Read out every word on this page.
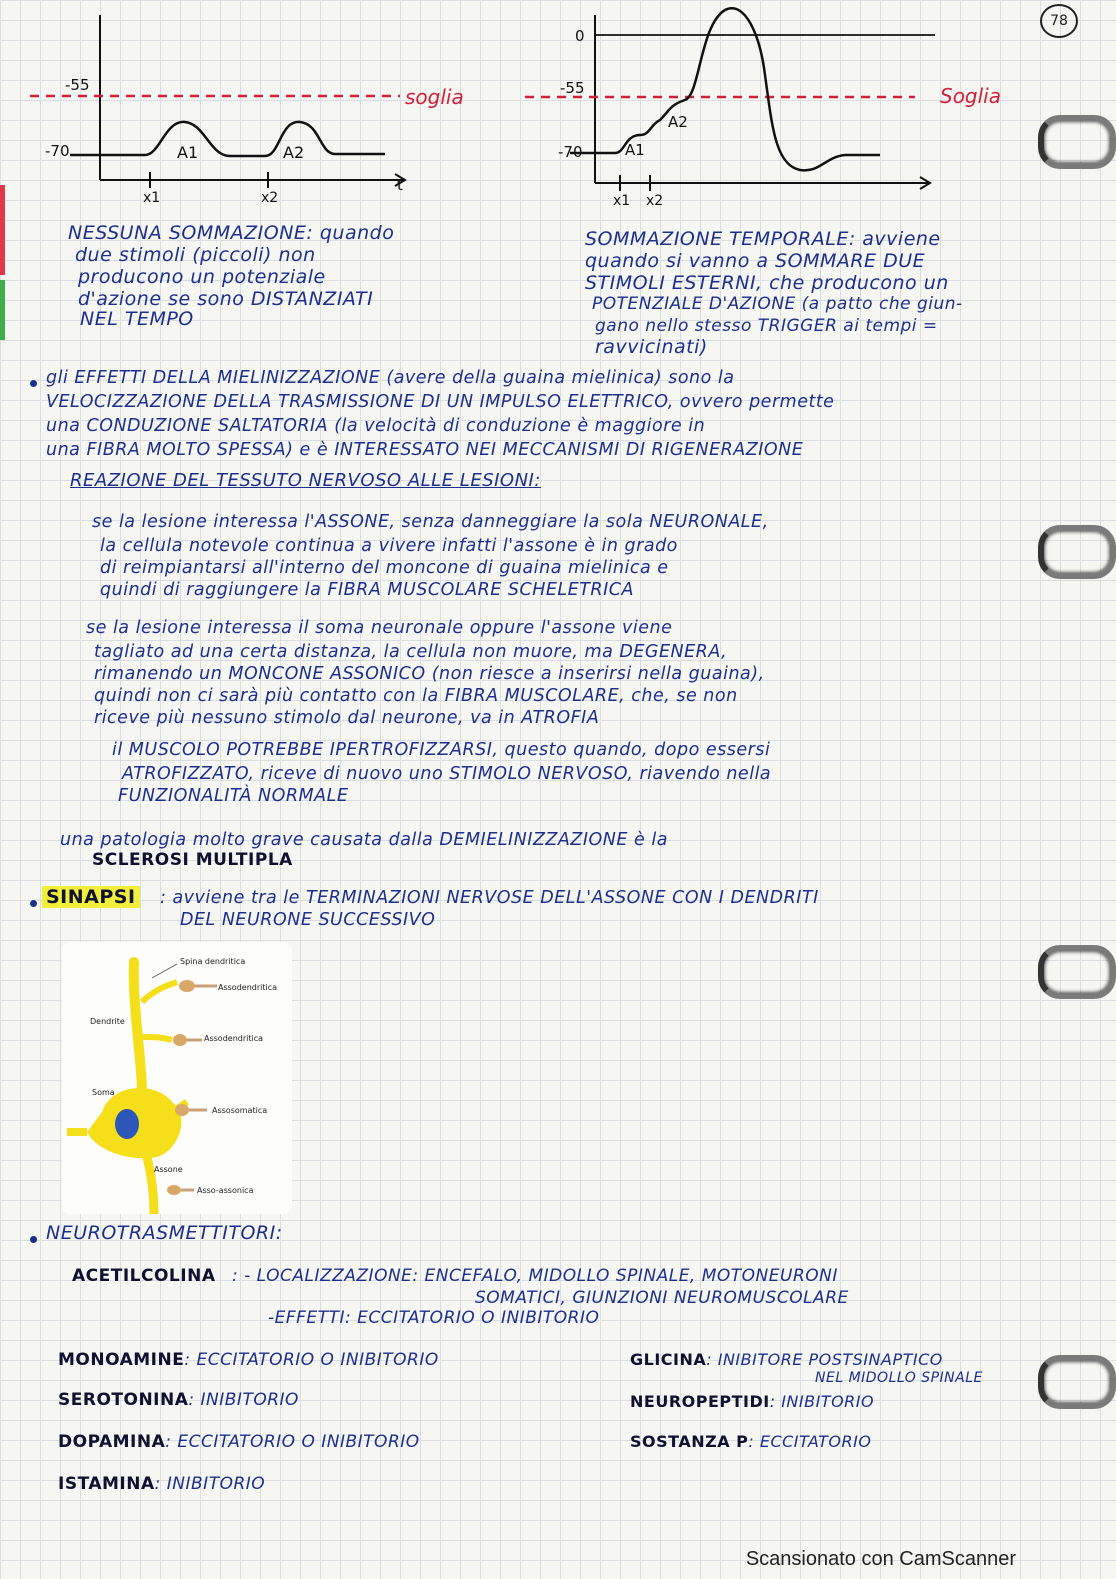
78
-55
-70	A1	A2
x1	x2
t
soglia
0
-55
-70	A1
A2
x1 x2
Soglia
NESSUNA SOMMAZIONE: quando
due stimoli (piccoli) non
producono un potenziale
d'azione se sono DISTANZIATI
NEL TEMPO
SOMMAZIONE TEMPORALE: avviene
quando si vanno a SOMMARE DUE
STIMOLI ESTERNI, che producono un
POTENZIALE D'AZIONE (a patto che giun-
gano nello stesso TRIGGER ai tempi =
ravvicinati)
gli EFFETTI DELLA MIELINIZZAZIONE (avere della guaina mielinica) sono la
VELOCIZZAZIONE DELLA TRASMISSIONE DI UN IMPULSO ELETTRICO, ovvero permette
una CONDUZIONE SALTATORIA (la velocità di conduzione è maggiore in
una FIBRA MOLTO SPESSA) e è INTERESSATO NEI MECCANISMI DI RIGENERAZIONE
REAZIONE DEL TESSUTO NERVOSO ALLE LESIONI:
se la lesione interessa l'ASSONE, senza danneggiare la sola NEURONALE,
la cellula notevole continua a vivere infatti l'assone è in grado
di reimpiantarsi all'interno del moncone di guaina mielinica e
quindi di raggiungere la FIBRA MUSCOLARE SCHELETRICA
se la lesione interessa il soma neuronale oppure l'assone viene
tagliato ad una certa distanza, la cellula non muore, ma DEGENERA,
rimanendo un MONCONE ASSONICO (non riesce a inserirsi nella guaina),
quindi non ci sarà più contatto con la FIBRA MUSCOLARE, che, se non
riceve più nessuno stimolo dal neurone, va in ATROFIA
il MUSCOLO POTREBBE IPERTROFIZZARSI, questo quando, dopo essersi
ATROFIZZATO, riceve di nuovo uno STIMOLO NERVOSO, riavendo nella
FUNZIONALITÀ NORMALE
una patologia molto grave causata dalla DEMIELINIZZAZIONE è la
SCLEROSI MULTIPLA
SINAPSI : avviene tra le TERMINAZIONI NERVOSE DELL'ASSONE CON I DENDRITI
DEL NEURONE SUCCESSIVO
Spina dendritica
Assodendritica
Dendrite
Assodendritica
Soma
Assosomatica
Assone
Asso-assonica
NEUROTRASMETTITORI:
ACETILCOLINA : - LOCALIZZAZIONE: ENCEFALO, MIDOLLO SPINALE, MOTONEURONI
SOMATICI, GIUNZIONI NEUROMUSCOLARE
-EFFETTI: ECCITATORIO O INIBITORIO
MONOAMINE: ECCITATORIO O INIBITORIO
SEROTONINA: INIBITORIO
DOPAMINA: ECCITATORIO O INIBITORIO
ISTAMINA: INIBITORIO
GLICINA: INIBITORE POSTSINAPTICO
NEL MIDOLLO SPINALE
NEUROPEPTIDI: INIBITORIO
SOSTANZA P: ECCITATORIO
Scansionato con CamScanner
